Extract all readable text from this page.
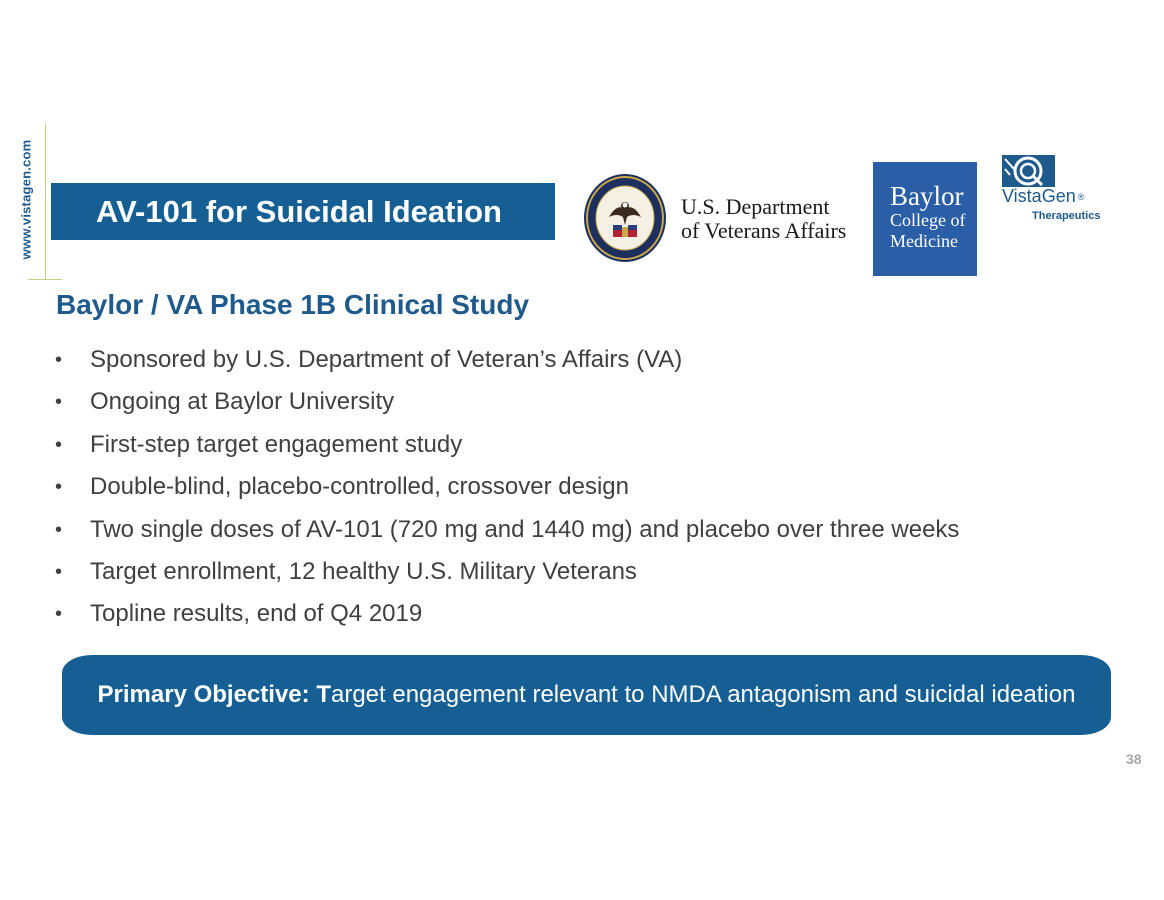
www.vistagen.com AV-101 for Suicidal Ideation	U.S. Department
of Veterans Affairs
Baylor
College of
Medicine
VistaGen ®
Therapeutics
Baylor / VA Phase 1B Clinical Study
• Sponsored by U.S. Department of Veteran’s Affairs (VA)
• Ongoing at Baylor University
• First-step target engagement study
• Double-blind, placebo-controlled, crossover design
• Two single doses of AV-101 (720 mg and 1440 mg) and placebo over three weeks
• Target enrollment, 12 healthy U.S. Military Veterans
• Topline results, end of Q4 2019
Primary Objective: Target engagement relevant to NMDA antagonism and suicidal ideation
38
